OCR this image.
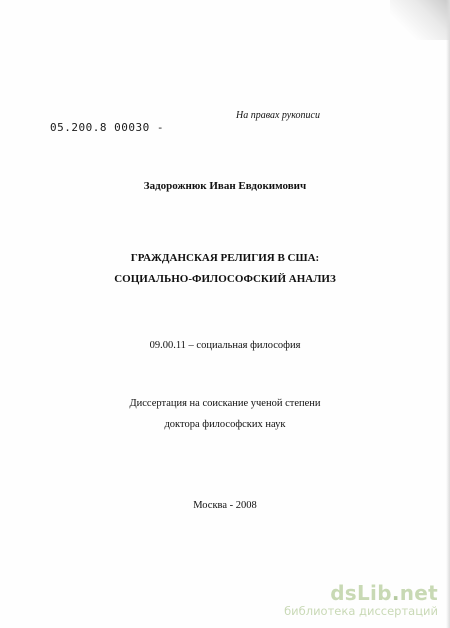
На правах рукописи
05.200.8 00030 -
Задорожнюк Иван Евдокимович
ГРАЖДАНСКАЯ РЕЛИГИЯ В США:
СОЦИАЛЬНО-ФИЛОСОФСКИЙ АНАЛИЗ
09.00.11 – социальная философия
Диссертация на соискание ученой степени
доктора философских наук
Москва - 2008
dsLib.net
библиотека диссертаций
